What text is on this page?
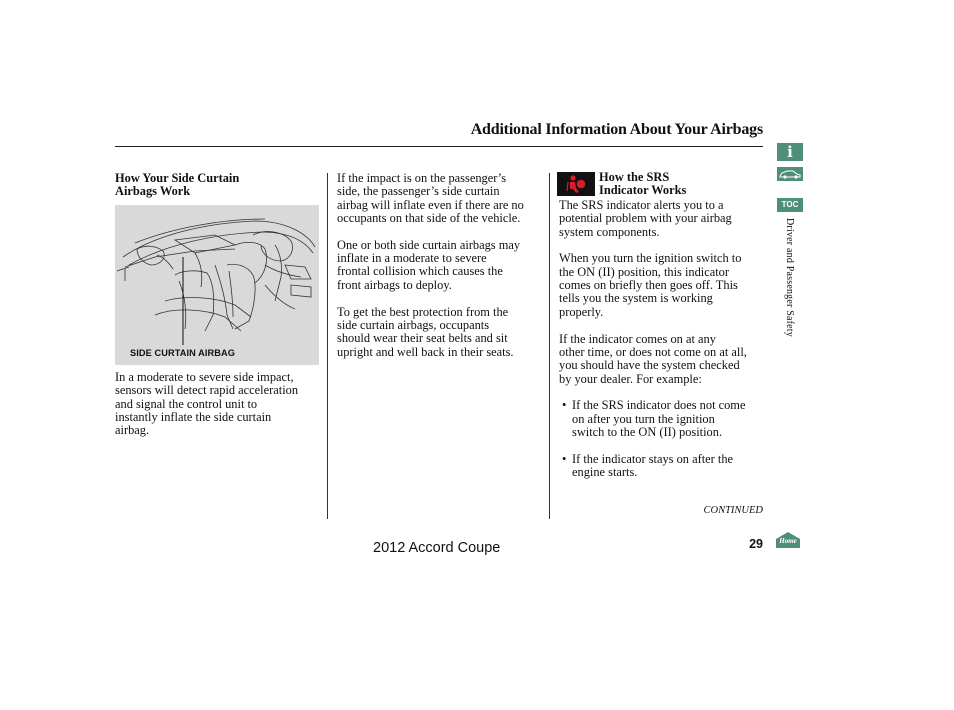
Additional Information About Your Airbags
How Your Side Curtain
Airbags Work
SIDE CURTAIN AIRBAG

In a moderate to severe side impact,
sensors will detect rapid acceleration
and signal the control unit to
instantly inflate the side curtain
airbag.

If the impact is on the passenger’s
side, the passenger’s side curtain
airbag will inflate even if there are no
occupants on that side of the vehicle.

One or both side curtain airbags may
inflate in a moderate to severe
frontal collision which causes the
front airbags to deploy.

To get the best protection from the
side curtain airbags, occupants
should wear their seat belts and sit
upright and well back in their seats.

How the SRS
Indicator Works

The SRS indicator alerts you to a
potential problem with your airbag
system components.

When you turn the ignition switch to
the ON (II) position, this indicator
comes on briefly then goes off. This
tells you the system is working
properly.

If the indicator comes on at any
other time, or does not come on at all,
you should have the system checked
by your dealer. For example:

• If the SRS indicator does not come
on after you turn the ignition
switch to the ON (II) position.
• If the indicator stays on after the
engine starts.
CONTINUED
2012 Accord Coupe	29
i
TOC
Driver and Passenger Safety
Home
